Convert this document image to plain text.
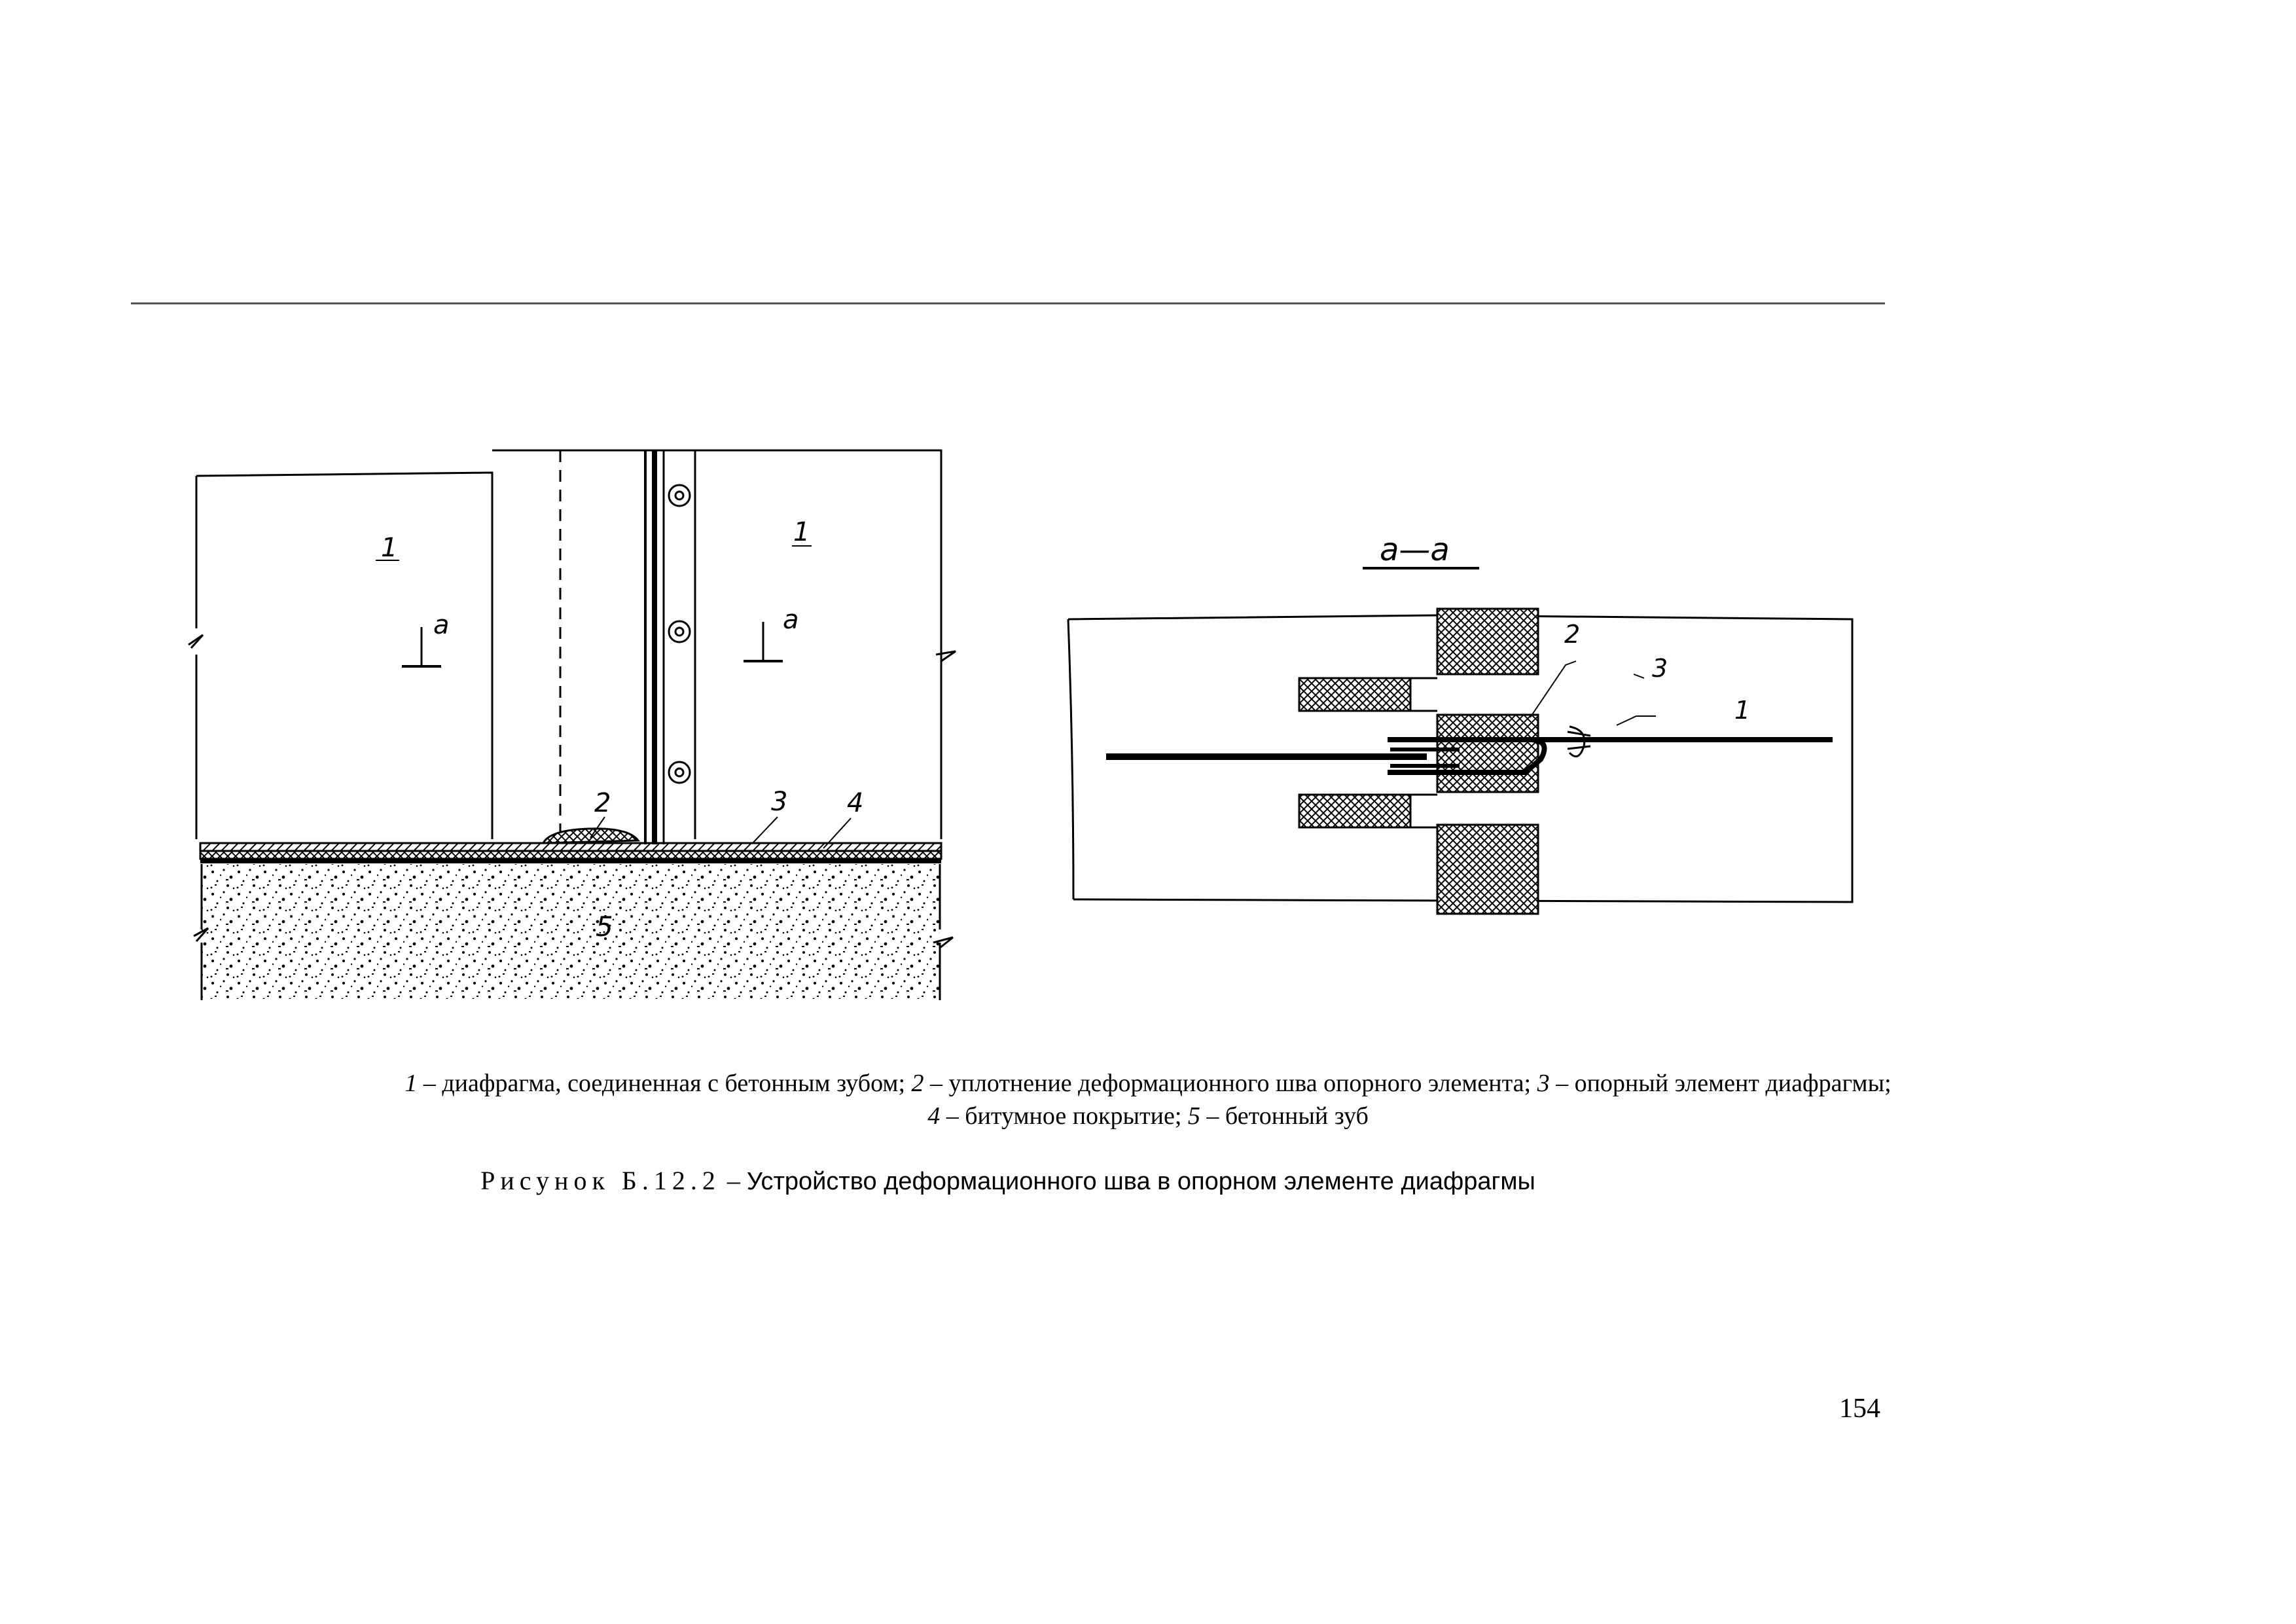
1
1
a	a
2	3 4
5
a—a
2
3
1
1 – диафрагма, соединенная с бетонным зубом; 2 – уплотнение деформационного шва опорного элемента; 3 – опорный элемент диафрагмы;
4 – битумное покрытие; 5 – бетонный зуб
Рисунок Б.12.2 – Устройство деформационного шва в опорном элементе диафрагмы
154
